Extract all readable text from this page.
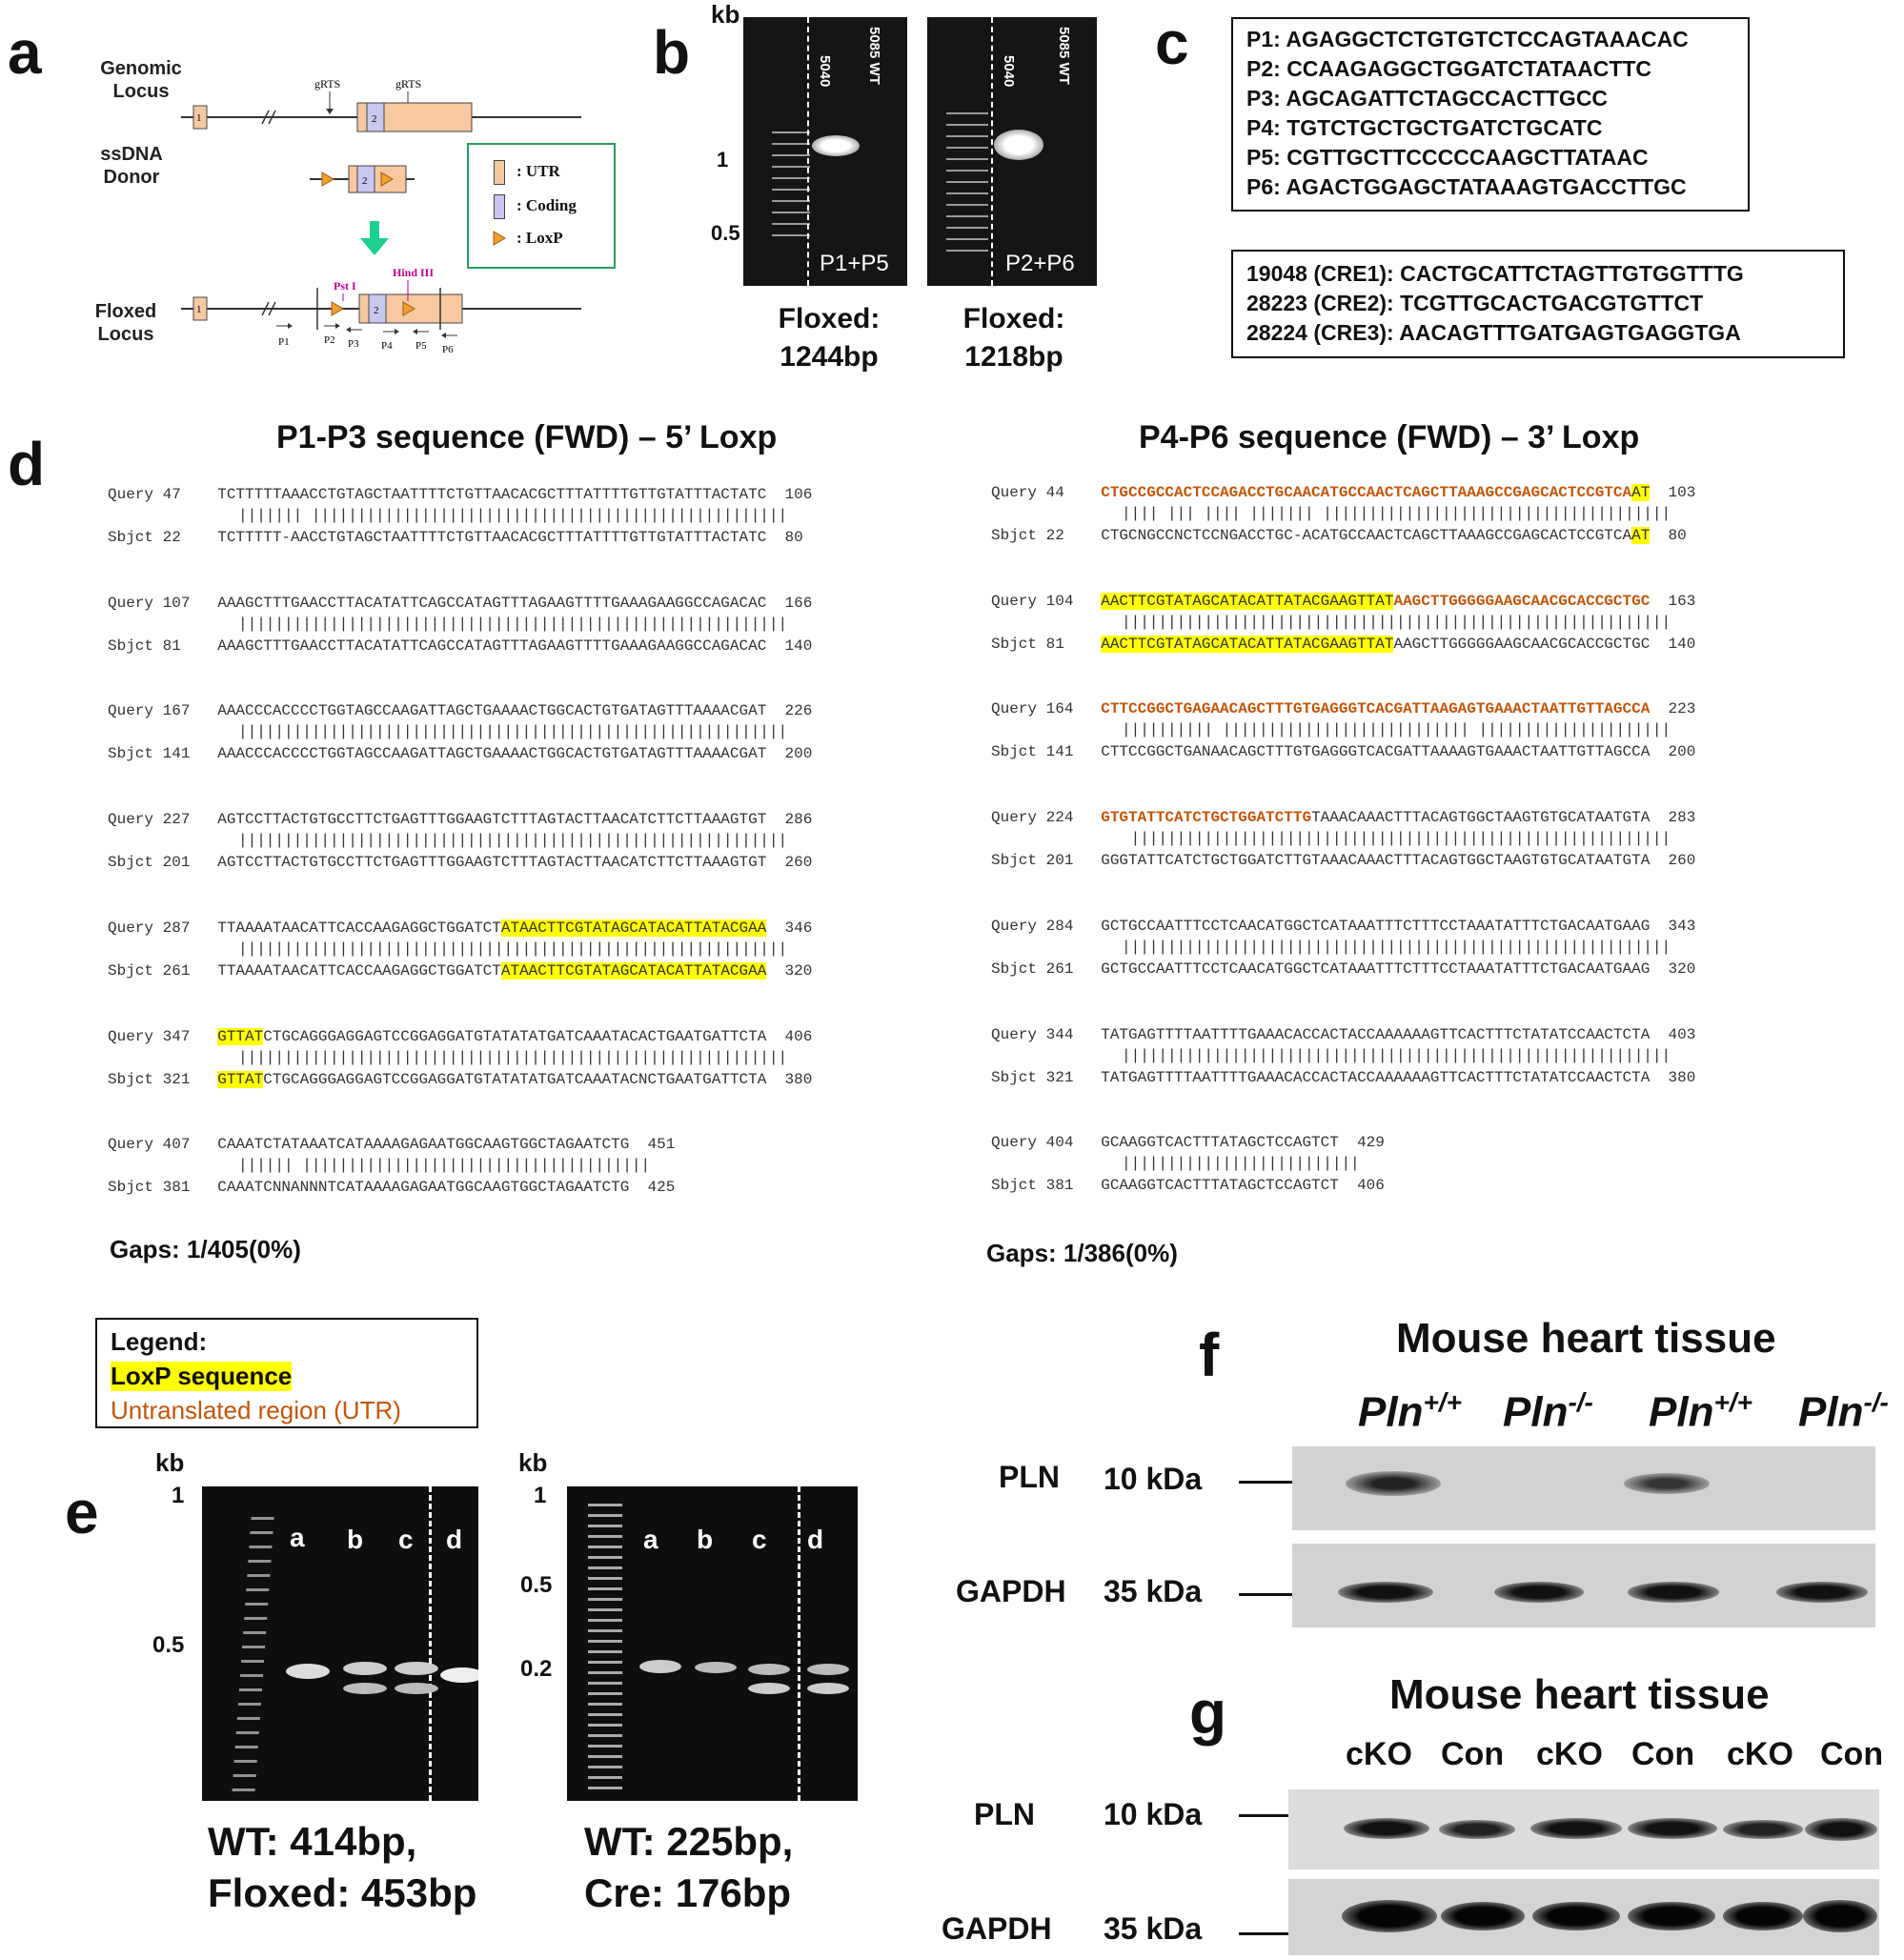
a	Genomic
Locus
ssDNA
Donor
Floxed
Locus
1	2
gRTS	gRTS
2
1
Pst I
2
Hind III
P1	P2 P3 P4 P5 P6
: UTR
: Coding
: LoxP
b
kb
1
0.5
5040 5085 WT
P1+P5
Floxed:
1244bp
5040	5085 WT
P2+P6
Floxed:
1218bp
c	P1: AGAGGCTCTGTGTCTCCAGTAAACAC
P2: CCAAGAGGCTGGATCTATAACTTC
P3: AGCAGATTCTAGCCACTTGCC
P4: TGTCTGCTGCTGATCTGCATC
P5: CGTTGCTTCCCCCAAGCTTATAAC
P6: AGACTGGAGCTATAAAGTGACCTTGC
19048 (CRE1): CACTGCATTCTAGTTGTGGTTTG
28223 (CRE2): TCGTTGCACTGACGTGTTCT
28224 (CRE3): AACAGTTTGATGAGTGAGGTGA
d	P1-P3 sequence (FWD) – 5’ Loxp	P4-P6 sequence (FWD) – 3’ Loxp
Query 47    TCTTTTTAAACCTGTAGCTAATTTTCTGTTAACACGCTTTATTTTGTTGTATTTACTATC  106
||||||| ||||||||||||||||||||||||||||||||||||||||||||||||||||
Sbjct 22    TCTTTTT-AACCTGTAGCTAATTTTCTGTTAACACGCTTTATTTTGTTGTATTTACTATC  80
Query 107   AAAGCTTTGAACCTTACATATTCAGCCATAGTTTAGAAGTTTTGAAAGAAGGCCAGACAC  166
||||||||||||||||||||||||||||||||||||||||||||||||||||||||||||
Sbjct 81    AAAGCTTTGAACCTTACATATTCAGCCATAGTTTAGAAGTTTTGAAAGAAGGCCAGACAC  140
Query 167   AAACCCACCCCTGGTAGCCAAGATTAGCTGAAAACTGGCACTGTGATAGTTTAAAACGAT  226
||||||||||||||||||||||||||||||||||||||||||||||||||||||||||||
Sbjct 141   AAACCCACCCCTGGTAGCCAAGATTAGCTGAAAACTGGCACTGTGATAGTTTAAAACGAT  200
Query 227   AGTCCTTACTGTGCCTTCTGAGTTTGGAAGTCTTTAGTACTTAACATCTTCTTAAAGTGT  286
||||||||||||||||||||||||||||||||||||||||||||||||||||||||||||
Sbjct 201   AGTCCTTACTGTGCCTTCTGAGTTTGGAAGTCTTTAGTACTTAACATCTTCTTAAAGTGT  260
Query 287   TTAAAATAACATTCACCAAGAGGCTGGATCTATAACTTCGTATAGCATACATTATACGAA  346
||||||||||||||||||||||||||||||||||||||||||||||||||||||||||||
Sbjct 261   TTAAAATAACATTCACCAAGAGGCTGGATCTATAACTTCGTATAGCATACATTATACGAA  320
Query 347   GTTATCTGCAGGGAGGAGTCCGGAGGATGTATATATGATCAAATACACTGAATGATTCTA  406
||||||||||||||||||||||||||||||||||||||||||||||||||||||||||||
Sbjct 321   GTTATCTGCAGGGAGGAGTCCGGAGGATGTATATATGATCAAATACNCTGAATGATTCTA  380
Query 407   CAAATCTATAAATCATAAAAGAGAATGGCAAGTGGCTAGAATCTG  451
|||||| ||||||||||||||||||||||||||||||||||||||
Sbjct 381   CAAATCNNANNNTCATAAAAGAGAATGGCAAGTGGCTAGAATCTG  425
Query 44    CTGCCGCCACTCCAGACCTGCAACATGCCAACTCAGCTTAAAGCCGAGCACTCCGTCAAT  103
|||| ||| |||| ||||||| ||||||||||||||||||||||||||||||||||||||
Sbjct 22    CTGCNGCCNCTCCNGACCTGC-ACATGCCAACTCAGCTTAAAGCCGAGCACTCCGTCAAT  80
Query 104   AACTTCGTATAGCATACATTATACGAAGTTATAAGCTTGGGGGAAGCAACGCACCGCTGC  163
||||||||||||||||||||||||||||||||||||||||||||||||||||||||||||
Sbjct 81    AACTTCGTATAGCATACATTATACGAAGTTATAAGCTTGGGGGAAGCAACGCACCGCTGC  140
Query 164   CTTCCGGCTGAGAACAGCTTTGTGAGGGTCACGATTAAGAGTGAAACTAATTGTTAGCCA  223
|||||||||| ||||||||||||||||||||||||||| |||||||||||||||||||||
Sbjct 141   CTTCCGGCTGANAACAGCTTTGTGAGGGTCACGATTAAAAGTGAAACTAATTGTTAGCCA  200
Query 224   GTGTATTCATCTGCTGGATCTTGTAAACAAACTTTACAGTGGCTAAGTGTGCATAATGTA  283
|||||||||||||||||||||||||||||||||||||||||||||||||||||||||||
Sbjct 201   GGGTATTCATCTGCTGGATCTTGTAAACAAACTTTACAGTGGCTAAGTGTGCATAATGTA  260
Query 284   GCTGCCAATTTCCTCAACATGGCTCATAAATTTCTTTCCTAAATATTTCTGACAATGAAG  343
||||||||||||||||||||||||||||||||||||||||||||||||||||||||||||
Sbjct 261   GCTGCCAATTTCCTCAACATGGCTCATAAATTTCTTTCCTAAATATTTCTGACAATGAAG  320
Query 344   TATGAGTTTTAATTTTGAAACACCACTACCAAAAAAGTTCACTTTCTATATCCAACTCTA  403
||||||||||||||||||||||||||||||||||||||||||||||||||||||||||||
Sbjct 321   TATGAGTTTTAATTTTGAAACACCACTACCAAAAAAGTTCACTTTCTATATCCAACTCTA  380
Query 404   GCAAGGTCACTTTATAGCTCCAGTCT  429
||||||||||||||||||||||||||
Sbjct 381   GCAAGGTCACTTTATAGCTCCAGTCT  406
Gaps: 1/405(0%)	Gaps: 1/386(0%)
Legend:
LoxP sequence
Untranslated region (UTR)
e
kb
1
0.5
a b c d
WT: 414bp,
Floxed: 453bp
kb
1
0.5
0.2
a b c d
WT: 225bp,
Cre: 176bp
f	Mouse heart tissue
Pln+/+ Pln-/- Pln+/+ Pln-/-
PLN 10 kDa
GAPDH 35 kDa
g	Mouse heart tissue
cKO Con cKO Con cKO Con
PLN 10 kDa
GAPDH 35 kDa
